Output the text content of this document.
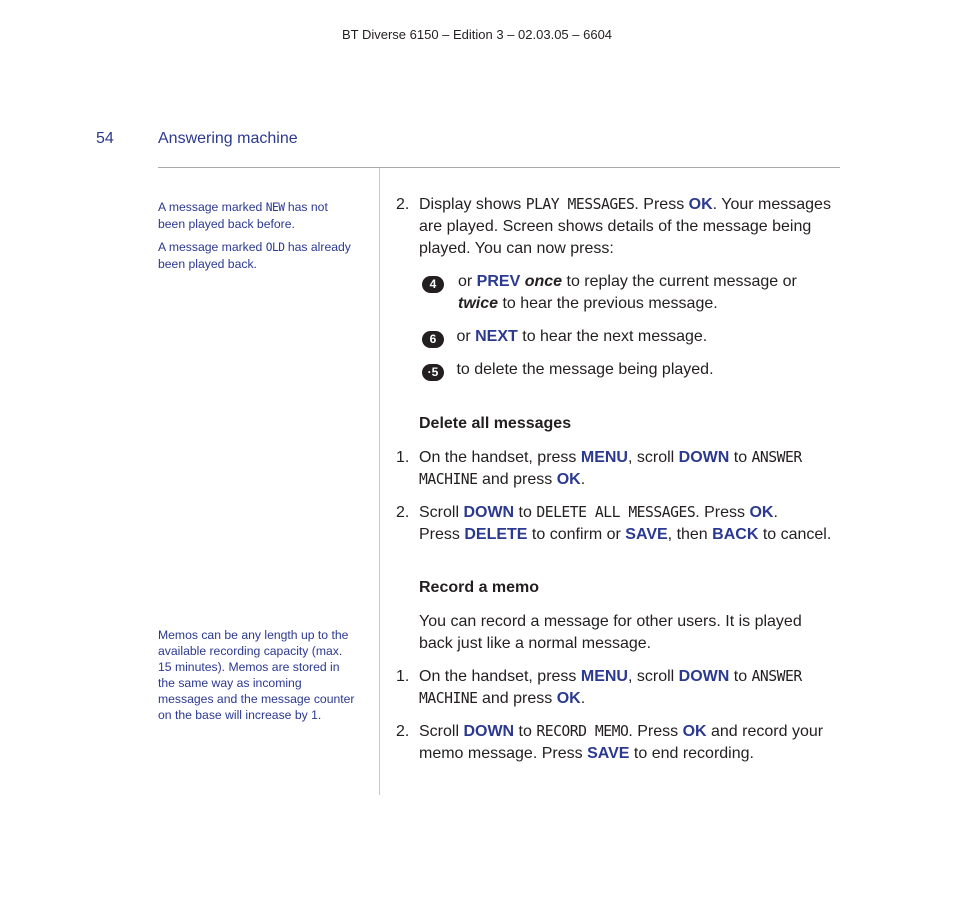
BT Diverse 6150 – Edition 3 – 02.03.05 – 6604
54	Answering machine

A message marked NEW has not been played back before.

A message marked OLD has already been played back.

Memos can be any length up to the available recording capacity (max. 15 minutes). Memos are stored in the same way as incoming messages and the message counter on the base will increase by 1.
2. Display shows PLAY MESSAGES. Press OK. Your messages are played. Screen shows details of the message being played. You can now press:
4or PREV once to replay the current message or twice to hear the previous message.
6 or NEXT to hear the next message.
·5 to delete the message being played.
Delete all messages
1. On the handset, press MENU, scroll DOWN to ANSWER MACHINE and press OK.
2. Scroll DOWN to DELETE ALL MESSAGES. Press OK.
Press DELETE to confirm or SAVE, then BACK to cancel.
Record a memo
You can record a message for other users. It is played back just like a normal message.
1. On the handset, press MENU, scroll DOWN to ANSWER MACHINE and press OK.
2. Scroll DOWN to RECORD MEMO. Press OK and record your memo message. Press SAVE to end recording.
